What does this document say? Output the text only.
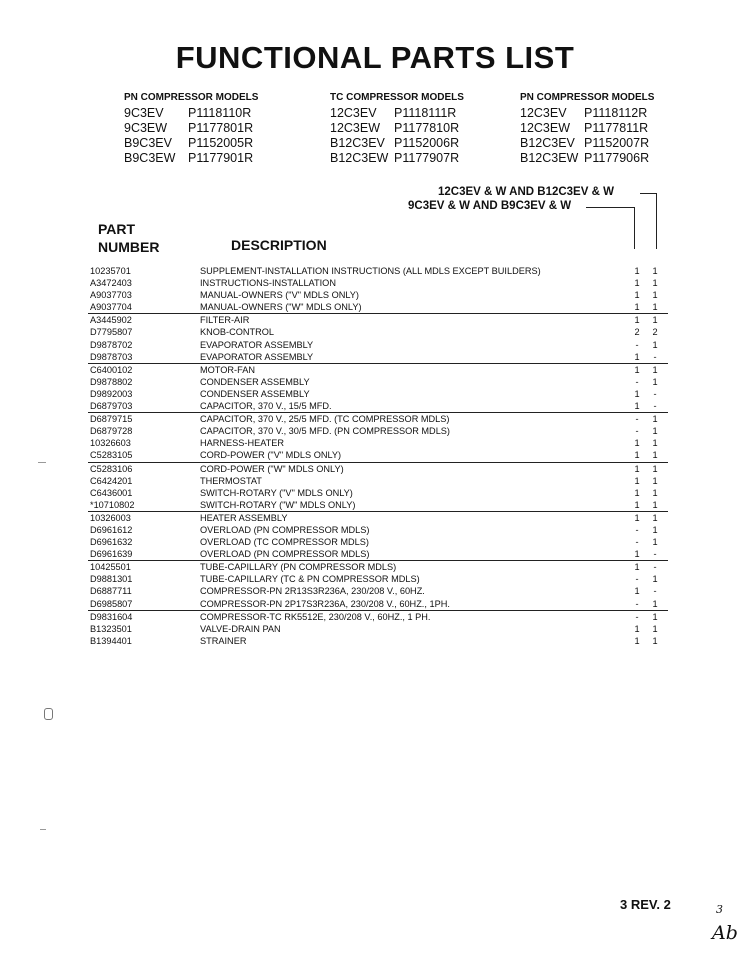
FUNCTIONAL PARTS LIST
PN COMPRESSOR MODELS
9C3EV P1118110R
9C3EW P1177801R
B9C3EV P1152005R
B9C3EW P1177901R
TC COMPRESSOR MODELS
12C3EV P1118111R
12C3EW P1177810R
B12C3EV P1152006R
B12C3EW P1177907R
PN COMPRESSOR MODELS
12C3EV P1118112R
12C3EW P1177811R
B12C3EV P1152007R
B12C3EW P1177906R
12C3EV & W AND B12C3EV & W
9C3EV & W AND B9C3EV & W
PART
NUMBER	DESCRIPTION
10235701	SUPPLEMENT-INSTALLATION INSTRUCTIONS (ALL MDLS EXCEPT BUILDERS)	1 1
A3472403	INSTRUCTIONS-INSTALLATION	1 1
A9037703	MANUAL-OWNERS ("V" MDLS ONLY)	1 1
A9037704	MANUAL-OWNERS ("W" MDLS ONLY)	1 1
A3445902	FILTER-AIR	1 1
D7795807	KNOB-CONTROL	2 2
D9878702	EVAPORATOR ASSEMBLY	-	1
D9878703	EVAPORATOR ASSEMBLY	1	-
C6400102	MOTOR-FAN	1 1
D9878802	CONDENSER ASSEMBLY	-	1
D9892003	CONDENSER ASSEMBLY	1	-
D6879703	CAPACITOR, 370 V., 15/5 MFD.	1	-
D6879715	CAPACITOR, 370 V., 25/5 MFD. (TC COMPRESSOR MDLS)	-	1
D6879728	CAPACITOR, 370 V., 30/5 MFD. (PN COMPRESSOR MDLS)	-	1
10326603	HARNESS-HEATER	1 1
C5283105	CORD-POWER ("V" MDLS ONLY)	1 1
C5283106	CORD-POWER ("W" MDLS ONLY)	1 1
C6424201	THERMOSTAT	1 1
C6436001	SWITCH-ROTARY ("V" MDLS ONLY)	1 1
*10710802	SWITCH-ROTARY ("W" MDLS ONLY)	1 1
10326003	HEATER ASSEMBLY	1 1
D6961612	OVERLOAD (PN COMPRESSOR MDLS)	-	1
D6961632	OVERLOAD (TC COMPRESSOR MDLS)	-	1
D6961639	OVERLOAD (PN COMPRESSOR MDLS)	1	-
10425501	TUBE-CAPILLARY (PN COMPRESSOR MDLS)	1	-
D9881301	TUBE-CAPILLARY (TC & PN COMPRESSOR MDLS)	-	1
D6887711	COMPRESSOR-PN 2R13S3R236A, 230/208 V., 60HZ.	1	-
D6985807	COMPRESSOR-PN 2P17S3R236A, 230/208 V., 60HZ., 1PH.	-	1
D9831604	COMPRESSOR-TC RK5512E, 230/208 V., 60HZ., 1 PH.	-	1
B1323501	VALVE-DRAIN PAN	1 1
B1394401	STRAINER	1 1
3 REV. 2	3
Ab
